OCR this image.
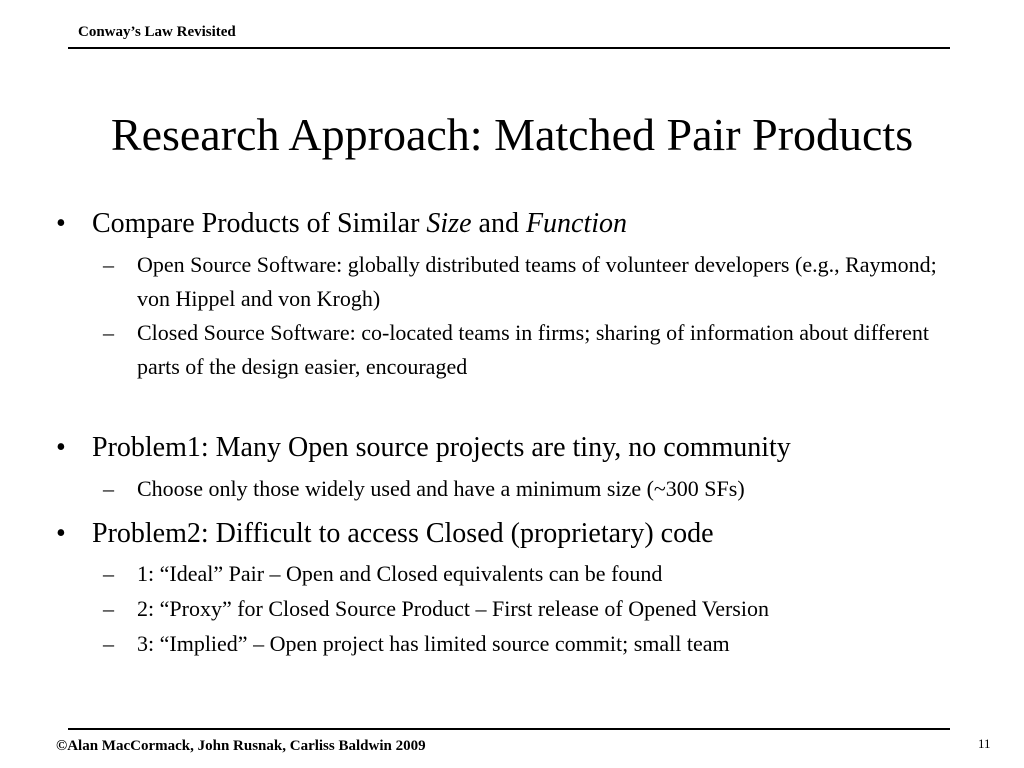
Conway’s Law Revisited
Research Approach: Matched Pair Products
• Compare Products of Similar Size and Function
– Open Source Software: globally distributed teams of volunteer developers (e.g., Raymond; von Hippel and von Krogh)
– Closed Source Software: co-located teams in firms; sharing of information about different parts of the design easier, encouraged
• Problem1: Many Open source projects are tiny, no community
– Choose only those widely used and have a minimum size (~300 SFs)
• Problem2: Difficult to access Closed (proprietary) code
– 1: “Ideal” Pair – Open and Closed equivalents can be found
– 2: “Proxy” for Closed Source Product – First release of Opened Version
– 3: “Implied” – Open project has limited source commit; small team
©Alan MacCormack, John Rusnak, Carliss Baldwin 2009	11
